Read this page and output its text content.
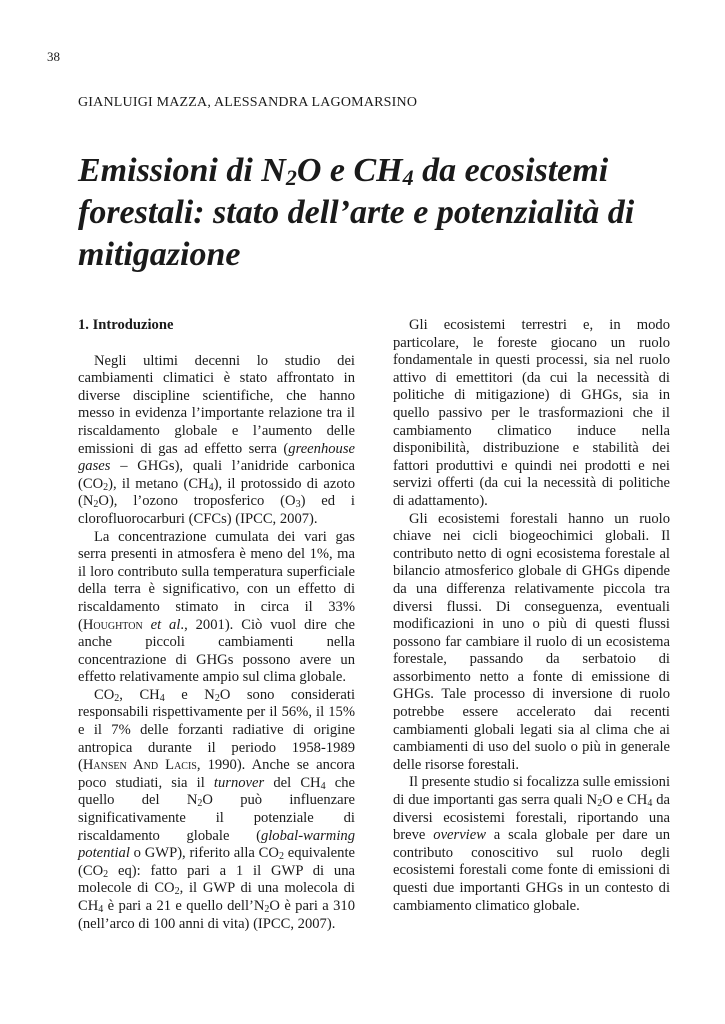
38
GIANLUIGI MAZZA, ALESSANDRA LAGOMARSINO
Emissioni di $N_2O$ e $CH_4$ da ecosistemi forestali: stato dell’arte e potenzialità di mitigazione
1. Introduzione

Negli ultimi decenni lo studio dei cambiamenti climatici è stato affrontato in diverse discipline scientifiche, che hanno messo in evidenza l’importante relazione tra il riscaldamento globale e l’aumento delle emissioni di gas ad effetto serra (greenhouse gases – GHGs), quali l’anidride carbonica $(CO_2)$, il metano $(CH_4)$, il protossido di azoto $(N_2O)$, l’ozono troposferico $(O_3)$ ed i clorofluorocarburi (CFCs) (IPCC, 2007).

La concentrazione cumulata dei vari gas serra presenti in atmosfera è meno del 1%, ma il loro contributo sulla temperatura superficiale della terra è significativo, con un effetto di riscaldamento stimato in circa il 33% (Houghton et al., 2001). Ciò vuol dire che anche piccoli cambiamenti nella concentrazione di GHGs possono avere un effetto relativamente ampio sul clima globale.

$CO_2$, $CH_4$ e $N_2O$ sono considerati responsabili rispettivamente per il 56%, il 15% e il 7% delle forzanti radiative di origine antropica durante il periodo 1958-1989 (Hansen And Lacis, 1990). Anche se ancora poco studiati, sia il turnover del $CH_4$ che quello del $N_2O$ può influenzare significativamente il potenziale di riscaldamento globale (global-warming potential o GWP), riferito alla $CO_2$ equivalente ($CO_2$ eq): fatto pari a 1 il GWP di una molecole di $CO_2$, il GWP di una molecola di $CH_4$ è pari a 21 e quello $dell’N_2O$ è pari a 310 (nell’arco di 100 anni di vita) (IPCC, 2007).

Gli ecosistemi terrestri e, in modo particolare, le foreste giocano un ruolo fondamentale in questi processi, sia nel ruolo attivo di emettitori (da cui la necessità di politiche di mitigazione) di GHGs, sia in quello passivo per le trasformazioni che il cambiamento climatico induce nella disponibilità, distribuzione e stabilità dei fattori produttivi e quindi nei prodotti e nei servizi offerti (da cui la necessità di politiche di adattamento).

Gli ecosistemi forestali hanno un ruolo chiave nei cicli biogeochimici globali. Il contributo netto di ogni ecosistema forestale al bilancio atmosferico globale di GHGs dipende da una differenza relativamente piccola tra diversi flussi. Di conseguenza, eventuali modificazioni in uno o più di questi flussi possono far cambiare il ruolo di un ecosistema forestale, passando da serbatoio di assorbimento netto a fonte di emissione di GHGs. Tale processo di inversione di ruolo potrebbe essere accelerato dai recenti cambiamenti globali legati sia al clima che ai cambiamenti di uso del suolo o più in generale delle risorse forestali.

Il presente studio si focalizza sulle emissioni di due importanti gas serra quali $N_2O$ e $CH_4$ da diversi ecosistemi forestali, riportando una breve overview a scala globale per dare un contributo conoscitivo sul ruolo degli ecosistemi forestali come fonte di emissioni di questi due importanti GHGs in un contesto di cambiamento climatico globale.
